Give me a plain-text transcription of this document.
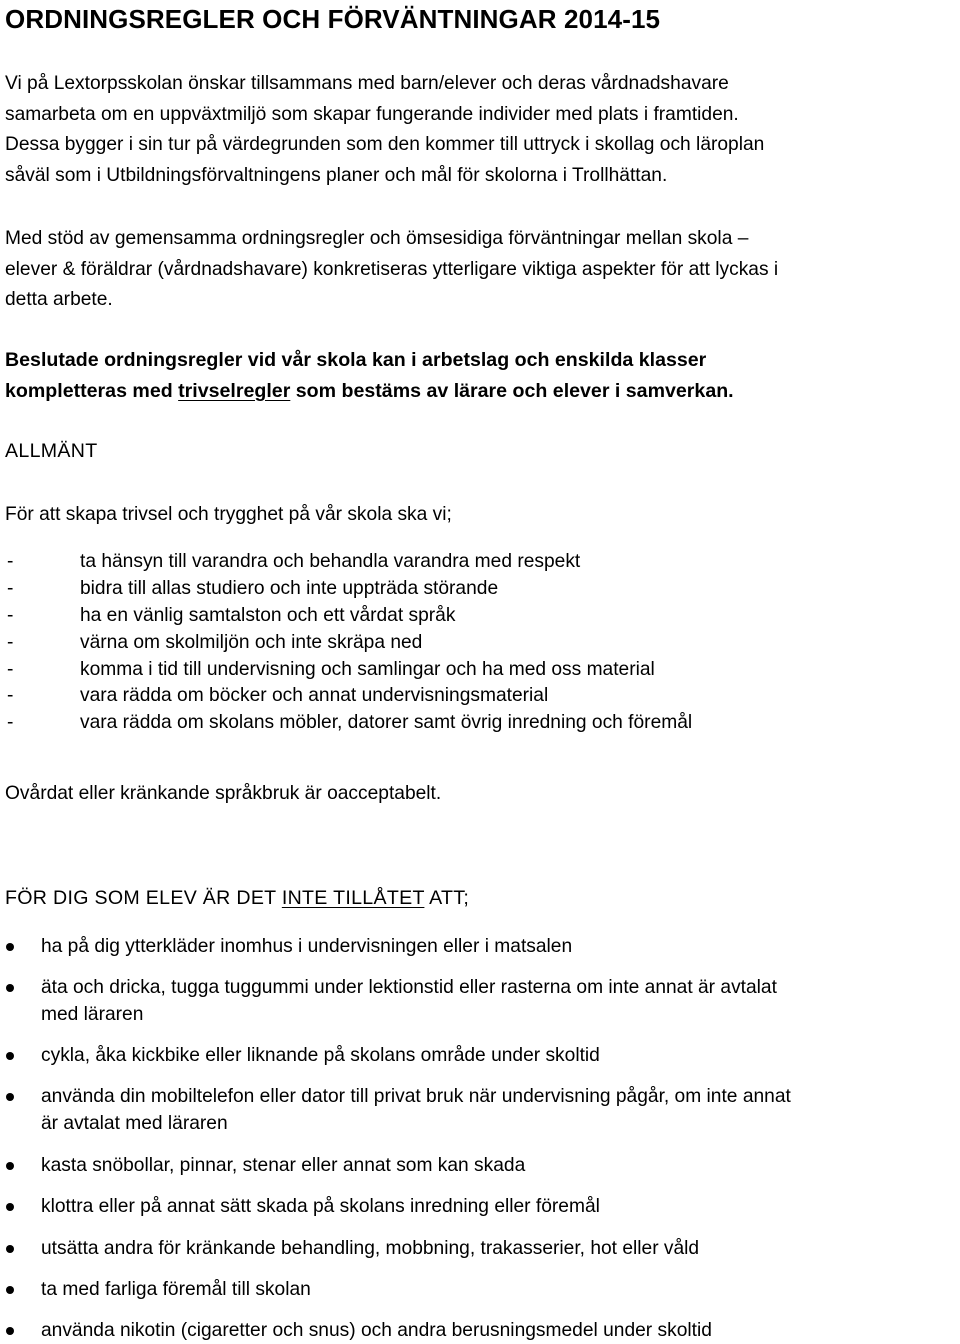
ORDNINGSREGLER OCH FÖRVÄNTNINGAR 2014-15
Vi på Lextorpsskolan önskar tillsammans med barn/elever och deras vårdnadshavare
samarbeta om en uppväxtmiljö som skapar fungerande individer med plats i framtiden.
Dessa bygger i sin tur på värdegrunden som den kommer till uttryck i skollag och läroplan
såväl som i Utbildningsförvaltningens planer och mål för skolorna i Trollhättan.
Med stöd av gemensamma ordningsregler och ömsesidiga förväntningar mellan skola –
elever & föräldrar (vårdnadshavare) konkretiseras ytterligare viktiga aspekter för att lyckas i
detta arbete.
Beslutade ordningsregler vid vår skola kan i arbetslag och enskilda klasser
kompletteras med trivselregler som bestäms av lärare och elever i samverkan.
ALLMÄNT
För att skapa trivsel och trygghet på vår skola ska vi;
-	ta hänsyn till varandra och behandla varandra med respekt
-	bidra till allas studiero och inte uppträda störande
-	ha en vänlig samtalston och ett vårdat språk
-	värna om skolmiljön och inte skräpa ned
-	komma i tid till undervisning och samlingar och ha med oss material
-	vara rädda om böcker och annat undervisningsmaterial
-	vara rädda om skolans möbler, datorer samt övrig inredning och föremål
Ovårdat eller kränkande språkbruk är oacceptabelt.
FÖR DIG SOM ELEV ÄR DET INTE TILLÅTET ATT;
ha på dig ytterkläder inomhus i undervisningen eller i matsalen
äta och dricka, tugga tuggummi under lektionstid eller rasterna om inte annat är avtalat
med läraren
cykla, åka kickbike eller liknande på skolans område under skoltid
använda din mobiltelefon eller dator till privat bruk när undervisning pågår, om inte annat
är avtalat med läraren
kasta snöbollar, pinnar, stenar eller annat som kan skada
klottra eller på annat sätt skada på skolans inredning eller föremål
utsätta andra för kränkande behandling, mobbning, trakasserier, hot eller våld
ta med farliga föremål till skolan
använda nikotin (cigaretter och snus) och andra berusningsmedel under skoltid
